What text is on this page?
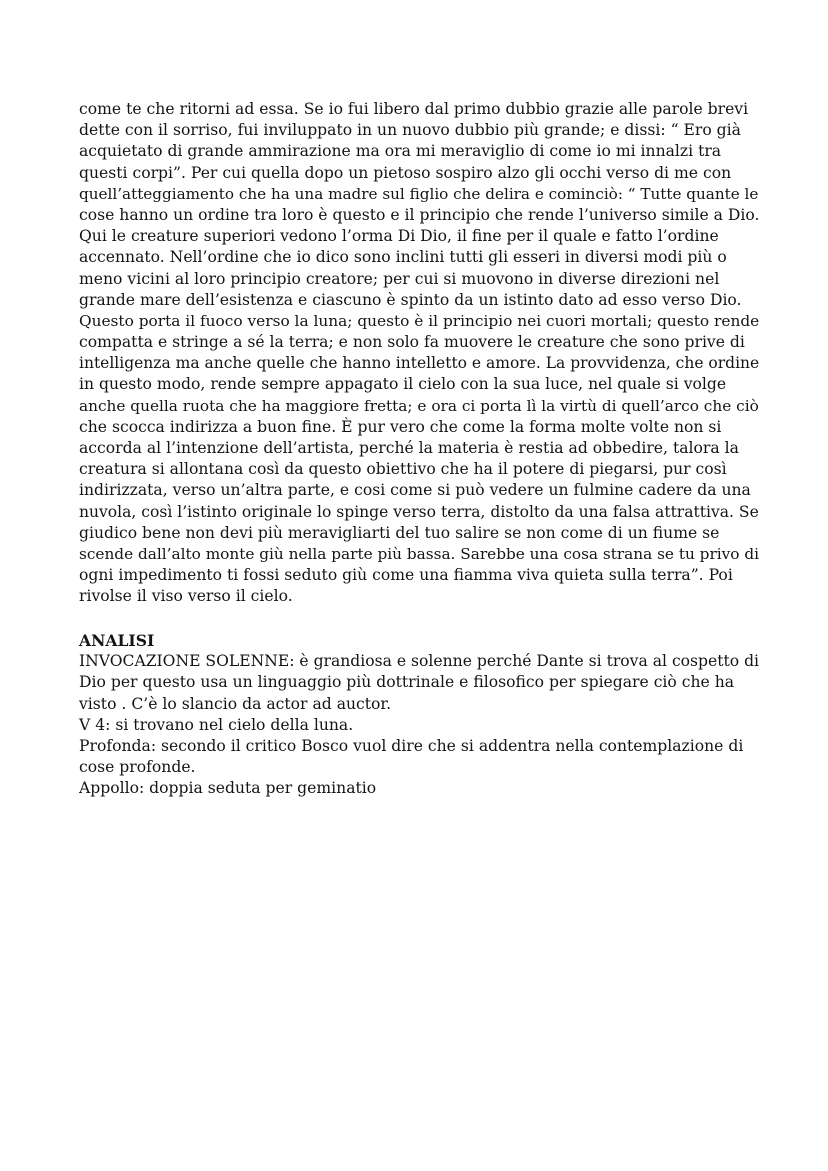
come te che ritorni ad essa. Se io fui libero dal primo dubbio grazie alle parole brevi
dette con il sorriso, fui inviluppato in un nuovo dubbio più grande; e dissi: “ Ero già
acquietato di grande ammirazione ma ora mi meraviglio di come io mi innalzi tra
questi corpi”. Per cui quella dopo un pietoso sospiro alzo gli occhi verso di me con
quell’atteggiamento che ha una madre sul figlio che delira e cominciò: “ Tutte quante le
cose hanno un ordine tra loro è questo e il principio che rende l’universo simile a Dio.
Qui le creature superiori vedono l’orma Di Dio, il fine per il quale e fatto l’ordine
accennato. Nell’ordine che io dico sono inclini tutti gli esseri in diversi modi più o
meno vicini al loro principio creatore; per cui si muovono in diverse direzioni nel
grande mare dell’esistenza e ciascuno è spinto da un istinto dato ad esso verso Dio.
Questo porta il fuoco verso la luna; questo è il principio nei cuori mortali; questo rende
compatta e stringe a sé la terra; e non solo fa muovere le creature che sono prive di
intelligenza ma anche quelle che hanno intelletto e amore. La provvidenza, che ordine
in questo modo, rende sempre appagato il cielo con la sua luce, nel quale si volge
anche quella ruota che ha maggiore fretta; e ora ci porta lì la virtù di quell’arco che ciò
che scocca indirizza a buon fine. È pur vero che come la forma molte volte non si
accorda al l’intenzione dell’artista, perché la materia è restia ad obbedire, talora la
creatura si allontana così da questo obiettivo che ha il potere di piegarsi, pur così
indirizzata, verso un’altra parte, e cosi come si può vedere un fulmine cadere da una
nuvola, così l’istinto originale lo spinge verso terra, distolto da una falsa attrattiva. Se
giudico bene non devi più meravigliarti del tuo salire se non come di un fiume se
scende dall’alto monte giù nella parte più bassa. Sarebbe una cosa strana se tu privo di
ogni impedimento ti fossi seduto giù come una fiamma viva quieta sulla terra”. Poi
rivolse il viso verso il cielo.
ANALISI
INVOCAZIONE SOLENNE: è grandiosa e solenne perché Dante si trova al cospetto di
Dio per questo usa un linguaggio più dottrinale e filosofico per spiegare ciò che ha
visto . C’è lo slancio da actor ad auctor.
V 4: si trovano nel cielo della luna.
Profonda: secondo il critico Bosco vuol dire che si addentra nella contemplazione di
cose profonde.
Appollo: doppia seduta per geminatio
